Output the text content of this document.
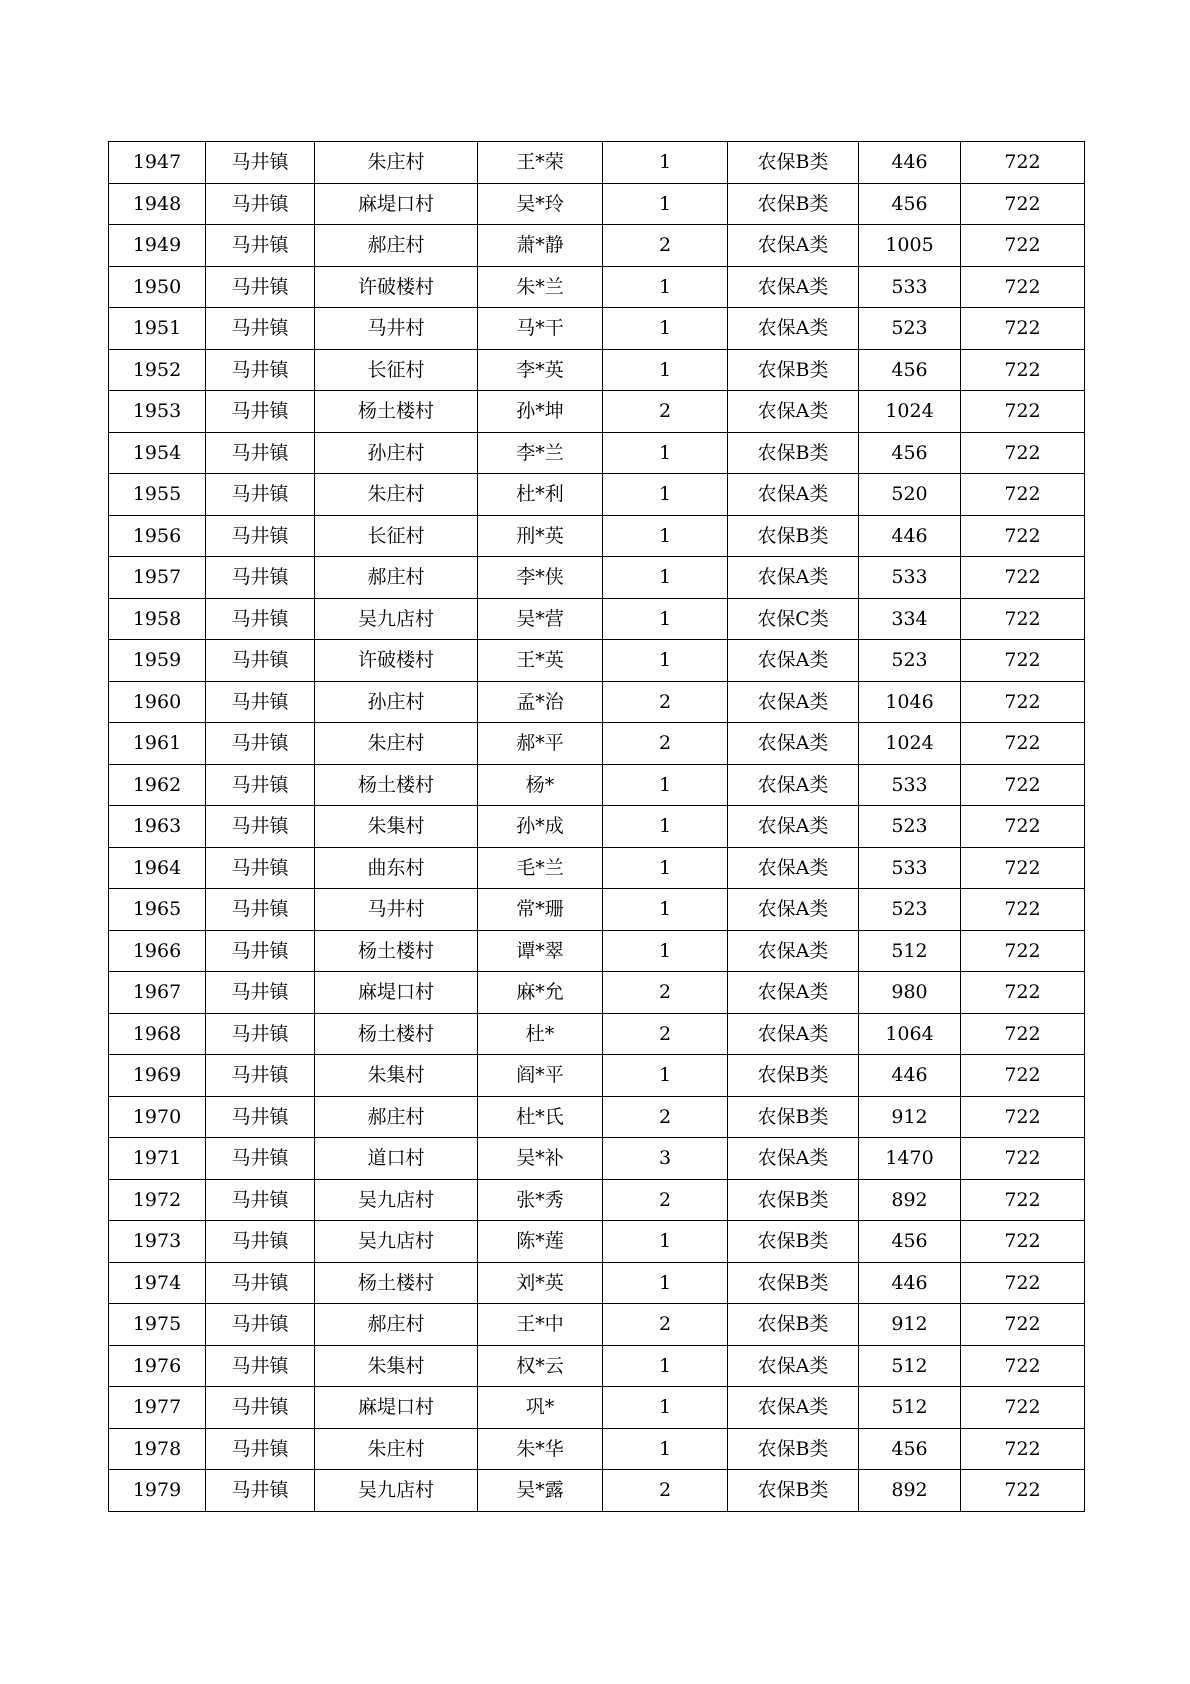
1947	马井镇	朱庄村	王*荣	1	农保B类	446	722
1948	马井镇	麻堤口村	吴*玲	1	农保B类	456	722
1949	马井镇	郝庄村	萧*静	2	农保A类	1005	722
1950	马井镇	许破楼村	朱*兰	1	农保A类	533	722
1951	马井镇	马井村	马*干	1	农保A类	523	722
1952	马井镇	长征村	李*英	1	农保B类	456	722
1953	马井镇	杨土楼村	孙*坤	2	农保A类	1024	722
1954	马井镇	孙庄村	李*兰	1	农保B类	456	722
1955	马井镇	朱庄村	杜*利	1	农保A类	520	722
1956	马井镇	长征村	刑*英	1	农保B类	446	722
1957	马井镇	郝庄村	李*侠	1	农保A类	533	722
1958	马井镇	吴九店村	吴*营	1	农保C类	334	722
1959	马井镇	许破楼村	王*英	1	农保A类	523	722
1960	马井镇	孙庄村	孟*治	2	农保A类	1046	722
1961	马井镇	朱庄村	郝*平	2	农保A类	1024	722
1962	马井镇	杨土楼村	杨*	1	农保A类	533	722
1963	马井镇	朱集村	孙*成	1	农保A类	523	722
1964	马井镇	曲东村	毛*兰	1	农保A类	533	722
1965	马井镇	马井村	常*珊	1	农保A类	523	722
1966	马井镇	杨土楼村	谭*翠	1	农保A类	512	722
1967	马井镇	麻堤口村	麻*允	2	农保A类	980	722
1968	马井镇	杨土楼村	杜*	2	农保A类	1064	722
1969	马井镇	朱集村	阎*平	1	农保B类	446	722
1970	马井镇	郝庄村	杜*氏	2	农保B类	912	722
1971	马井镇	道口村	吴*补	3	农保A类	1470	722
1972	马井镇	吴九店村	张*秀	2	农保B类	892	722
1973	马井镇	吴九店村	陈*莲	1	农保B类	456	722
1974	马井镇	杨土楼村	刘*英	1	农保B类	446	722
1975	马井镇	郝庄村	王*中	2	农保B类	912	722
1976	马井镇	朱集村	权*云	1	农保A类	512	722
1977	马井镇	麻堤口村	巩*	1	农保A类	512	722
1978	马井镇	朱庄村	朱*华	1	农保B类	456	722
1979	马井镇	吴九店村	吴*露	2	农保B类	892	722
